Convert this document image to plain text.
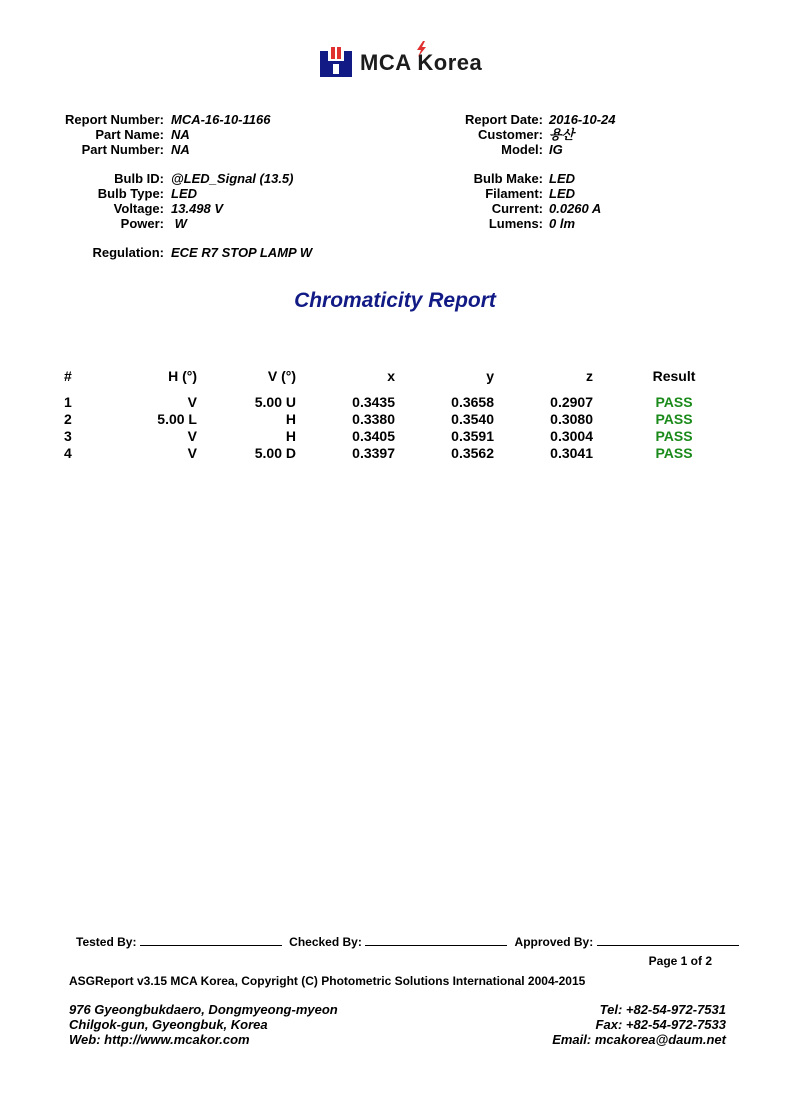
MCA Korea
Report Number: MCA-16-10-1166
Part Name: NA
Part Number: NA
Bulb ID: @LED_Signal (13.5)
Bulb Type: LED
Voltage: 13.498 V
Power: W
Regulation: ECE R7 STOP LAMP W
Report Date: 2016-10-24
Customer: 용산
Model: IG
Bulb Make: LED
Filament: LED
Current: 0.0260 A
Lumens: 0 lm
Chromaticity Report
#	H (°)	V (°)	x	y	z	Result
1	V	5.00 U	0.3435	0.3658	0.2907	PASS
2	5.00 L	H	0.3380	0.3540	0.3080	PASS
3	V	H	0.3405	0.3591	0.3004	PASS
4	V	5.00 D	0.3397	0.3562	0.3041	PASS
Tested By:	Checked By:	Approved By:
Page 1 of 2
ASGReport v3.15 MCA Korea, Copyright (C) Photometric Solutions International 2004-2015
976 Gyeongbukdaero, Dongmyeong-myeon
Chilgok-gun, Gyeongbuk, Korea
Web: http://www.mcakor.com
Tel: +82-54-972-7531
Fax: +82-54-972-7533
Email: mcakorea@daum.net
